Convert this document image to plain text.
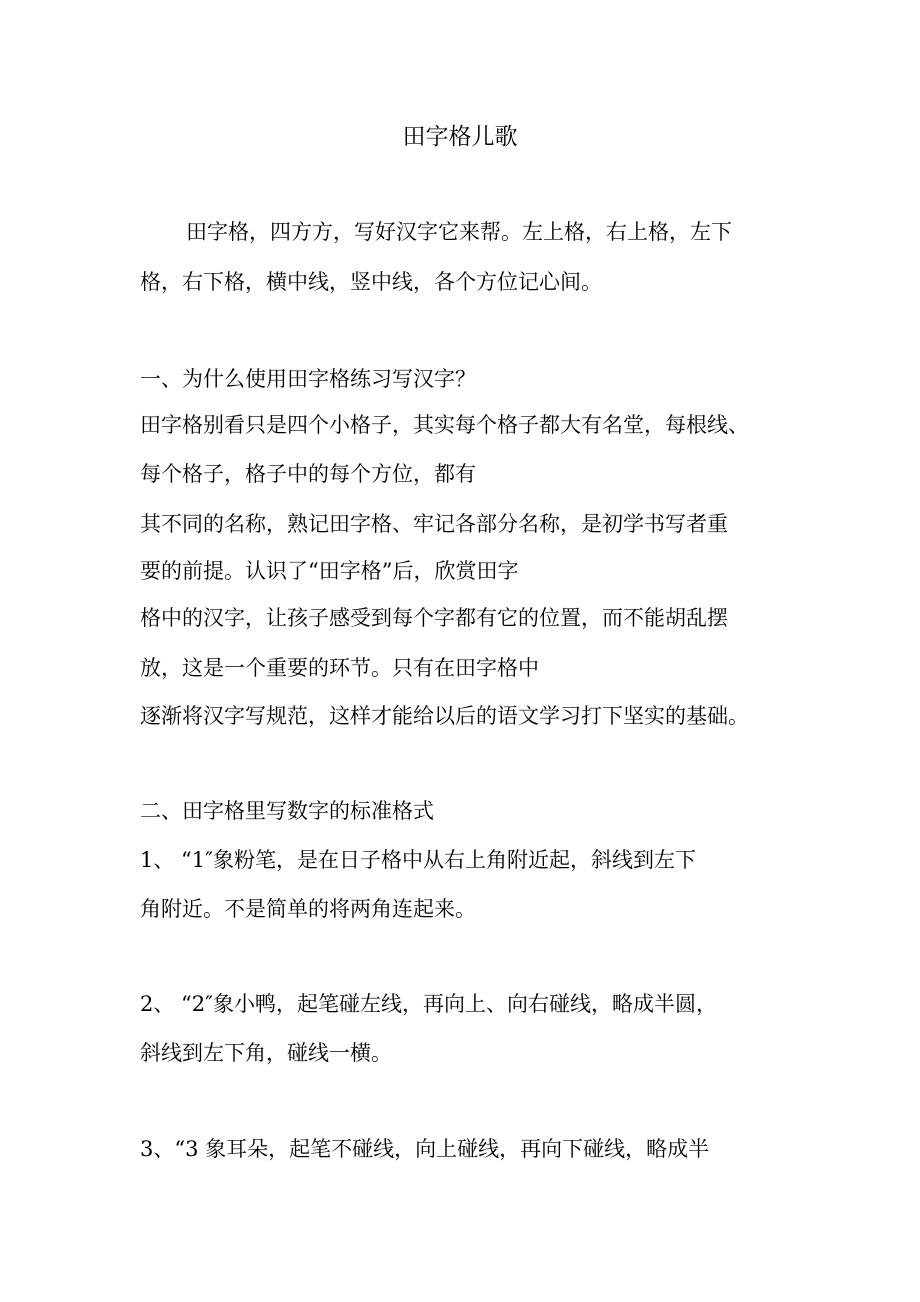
田字格儿歌
田字格，四方方，写好汉字它来帮。左上格，右上格，左下
格，右下格，横中线，竖中线，各个方位记心间。
一、为什么使用田字格练习写汉字？
田字格别看只是四个小格子，其实每个格子都大有名堂，每根线、
每个格子，格子中的每个方位，都有
其不同的名称，熟记田字格、牢记各部分名称，是初学书写者重
要的前提。认识了“田字格”后，欣赏田字
格中的汉字，让孩子感受到每个字都有它的位置，而不能胡乱摆
放，这是一个重要的环节。只有在田字格中
逐渐将汉字写规范，这样才能给以后的语文学习打下坚实的基础。
二、田字格里写数字的标准格式
1、 “1″象粉笔，是在日子格中从右上角附近起，斜线到左下
角附近。不是简单的将两角连起来。
2、 “2″象小鸭，起笔碰左线，再向上、向右碰线，略成半圆，
斜线到左下角，碰线一横。
3、“3 象耳朵，起笔不碰线，向上碰线，再向下碰线，略成半
